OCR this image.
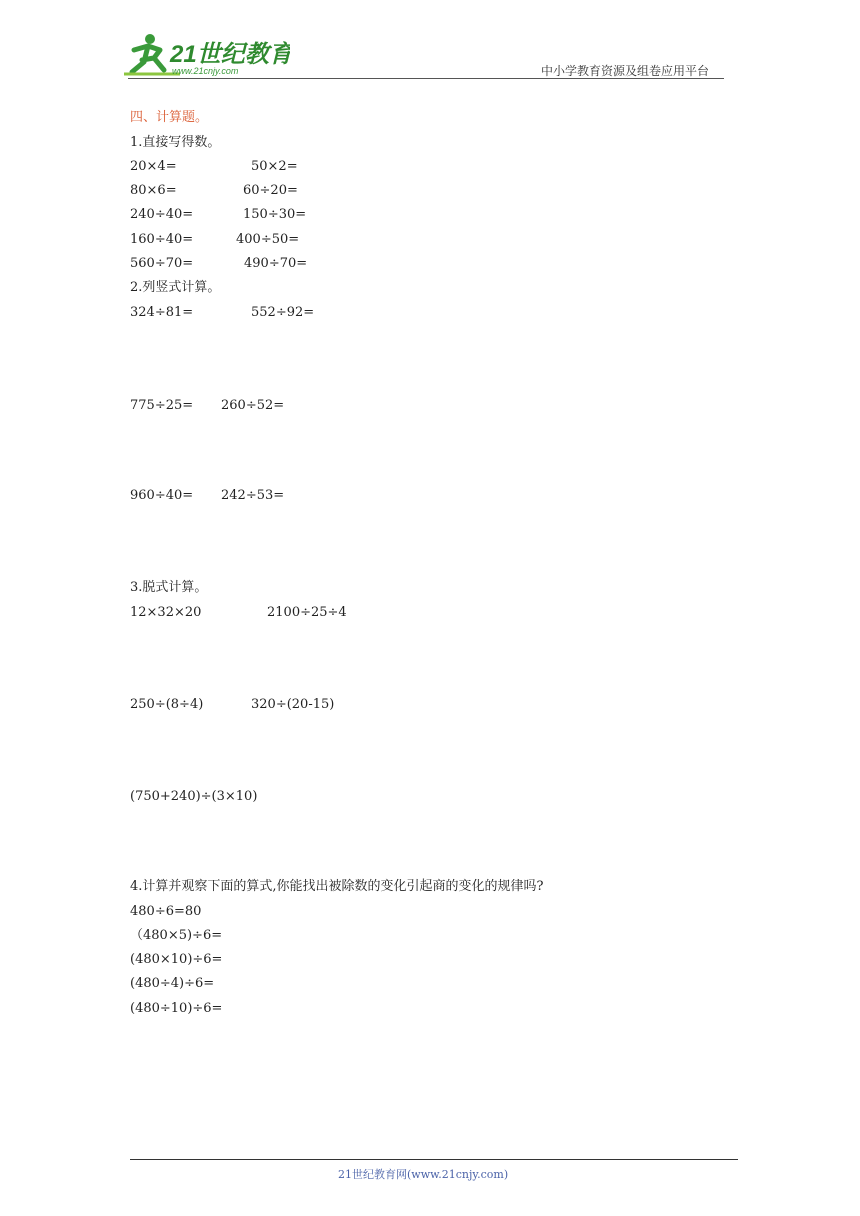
21世纪教育
www.21cnjy.com	中小学教育资源及组卷应用平台
四、计算题。
1.直接写得数。
20×4=	50×2=
80×6=	60÷20=
240÷40=	150÷30=
160÷40=	400÷50=
560÷70=	490÷70=
2.列竖式计算。
324÷81=	552÷92=
775÷25= 260÷52=
960÷40= 242÷53=
3.脱式计算。
12×32×20	2100÷25÷4
250÷(8÷4)	320÷(20-15)
(750+240)÷(3×10)
4.计算并观察下面的算式,你能找出被除数的变化引起商的变化的规律吗?
480÷6=80
（480×5)÷6=
(480×10)÷6=
(480÷4)÷6=
(480÷10)÷6=
21世纪教育网(www.21cnjy.com)
